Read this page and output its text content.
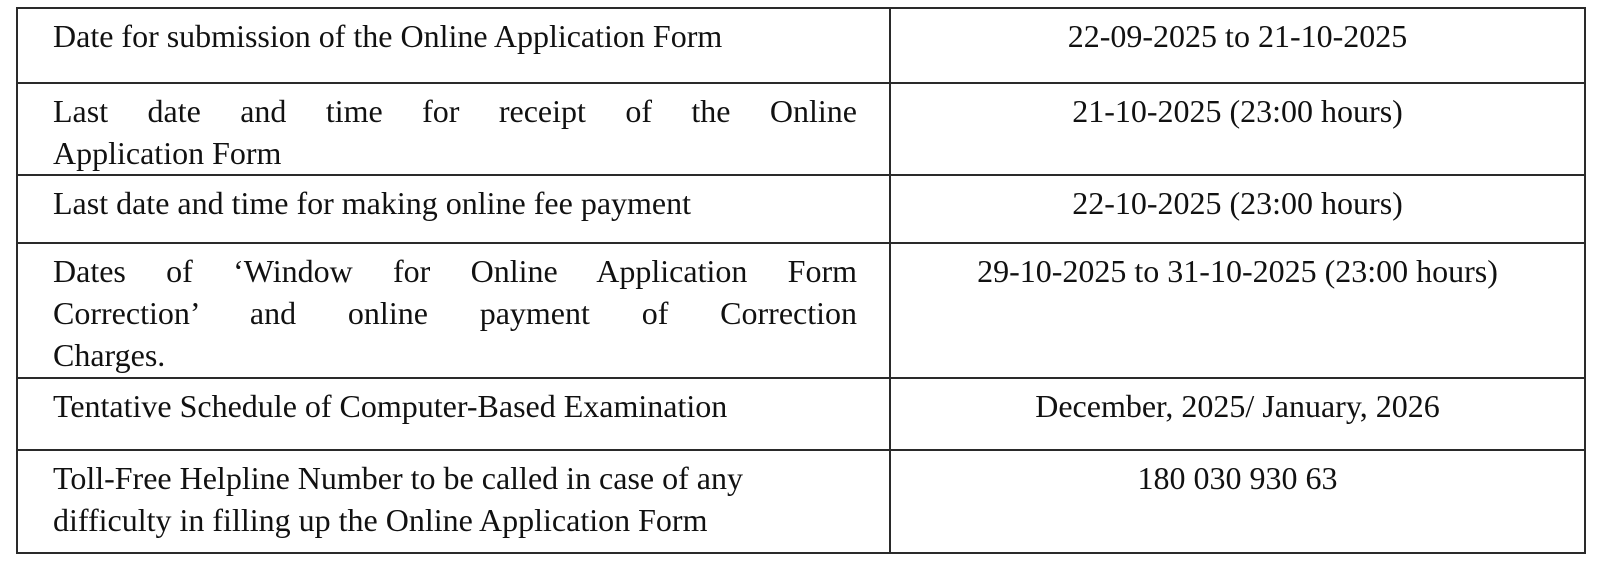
Date for submission of the Online Application Form	22-09-2025 to 21-10-2025

Last date and time for receipt of the Online
Application Form	21-10-2025 (23:00 hours)
Last date and time for making online fee payment	22-10-2025 (23:00 hours)

Dates of ‘Window for Online Application Form
Correction’ and online payment of Correction
Charges.	29-10-2025 to 31-10-2025 (23:00 hours)
Tentative Schedule of Computer-Based Examination	December, 2025/ January, 2026

Toll-Free Helpline Number to be called in case of any
difficulty in filling up the Online Application Form	180 030 930 63
